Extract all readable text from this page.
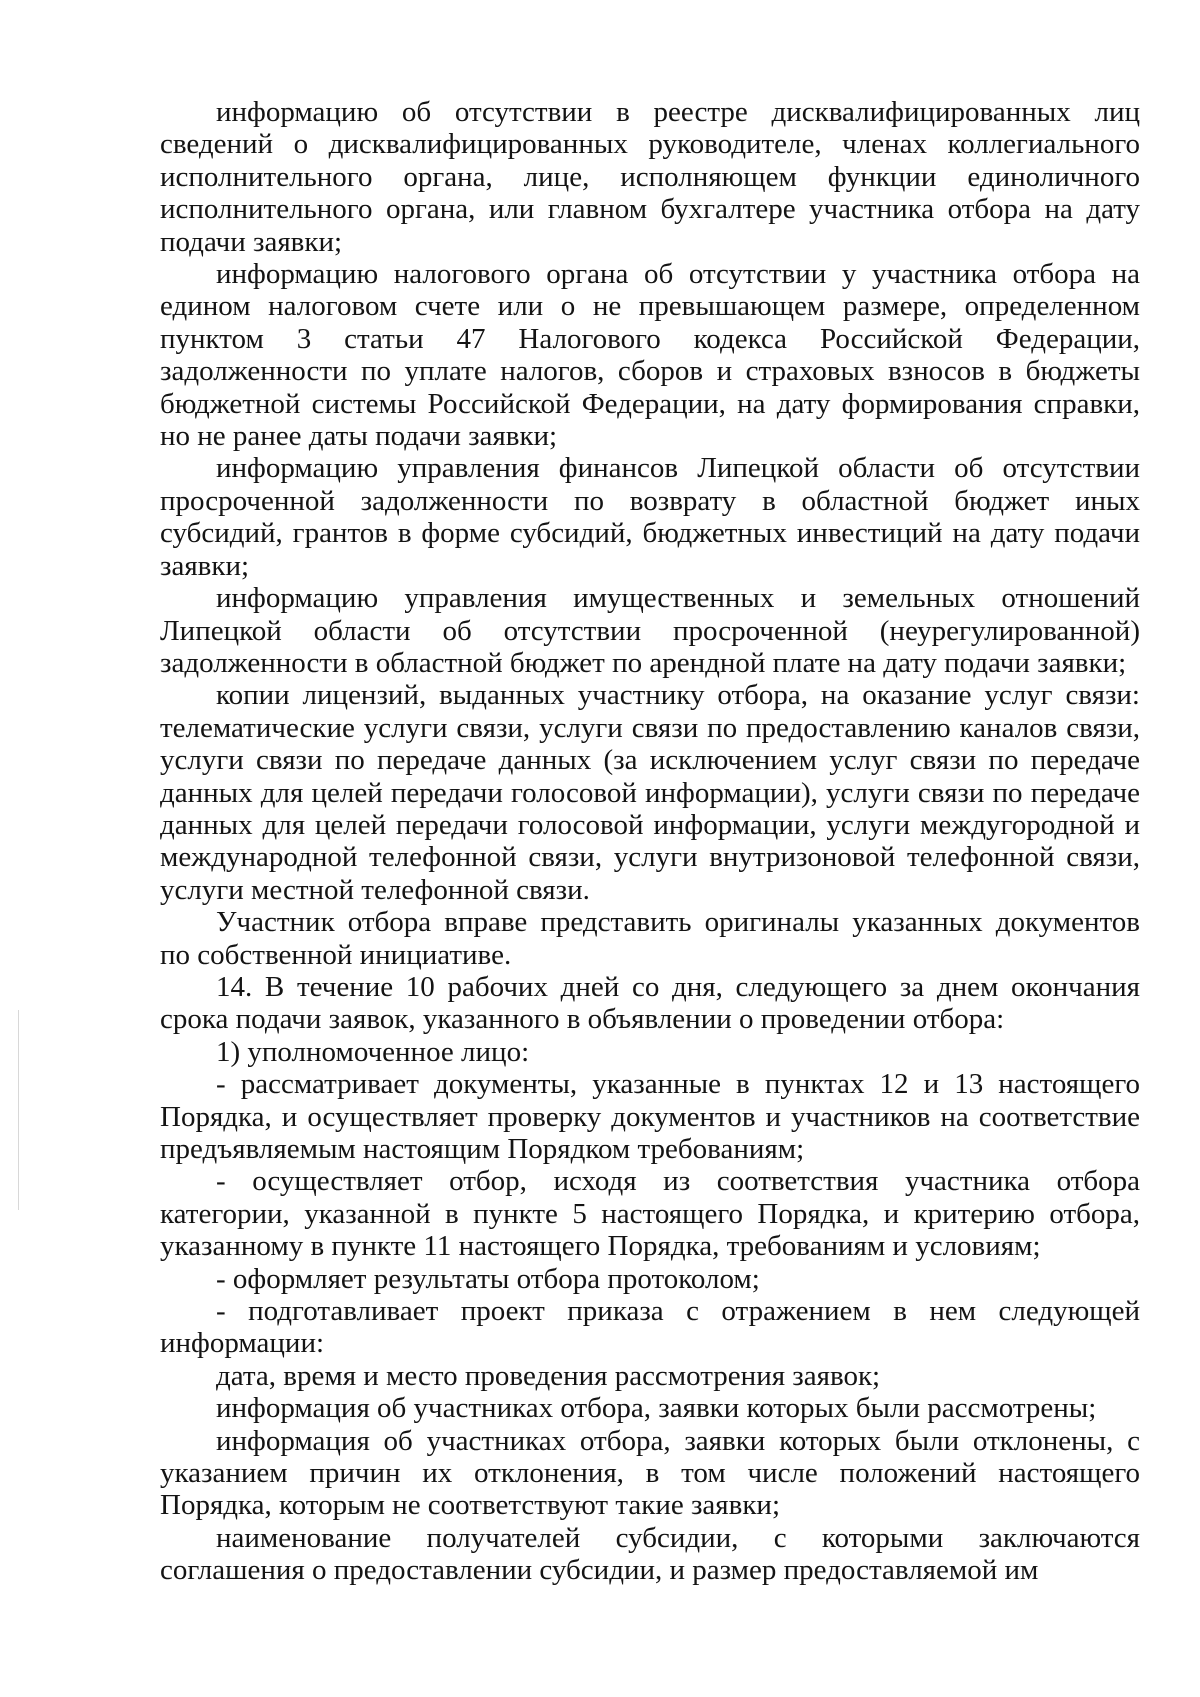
информацию об отсутствии в реестре дисквалифицированных лиц сведений о дисквалифицированных руководителе, членах коллегиального исполнительного органа, лице, исполняющем функции единоличного исполнительного органа, или главном бухгалтере участника отбора на дату подачи заявки;

информацию налогового органа об отсутствии у участника отбора на едином налоговом счете или о не превышающем размере, определенном пунктом 3 статьи 47 Налогового кодекса Российской Федерации, задолженности по уплате налогов, сборов и страховых взносов в бюджеты бюджетной системы Российской Федерации, на дату формирования справки, но не ранее даты подачи заявки;

информацию управления финансов Липецкой области об отсутствии просроченной задолженности по возврату в областной бюджет иных субсидий, грантов в форме субсидий, бюджетных инвестиций на дату подачи заявки;

информацию управления имущественных и земельных отношений Липецкой области об отсутствии просроченной (неурегулированной) задолженности в областной бюджет по арендной плате на дату подачи заявки;

копии лицензий, выданных участнику отбора, на оказание услуг связи: телематические услуги связи, услуги связи по предоставлению каналов связи, услуги связи по передаче данных (за исключением услуг связи по передаче данных для целей передачи голосовой информации), услуги связи по передаче данных для целей передачи голосовой информации, услуги междугородной и международной телефонной связи, услуги внутризоновой телефонной связи, услуги местной телефонной связи.

Участник отбора вправе представить оригиналы указанных документов по собственной инициативе.

14. В течение 10 рабочих дней со дня, следующего за днем окончания срока подачи заявок, указанного в объявлении о проведении отбора:

1) уполномоченное лицо:

- рассматривает документы, указанные в пунктах 12 и 13 настоящего Порядка, и осуществляет проверку документов и участников на соответствие предъявляемым настоящим Порядком требованиям;

- осуществляет отбор, исходя из соответствия участника отбора категории, указанной в пункте 5 настоящего Порядка, и критерию отбора, указанному в пункте 11 настоящего Порядка, требованиям и условиям;

- оформляет результаты отбора протоколом;

- подготавливает проект приказа с отражением в нем следующей информации:

дата, время и место проведения рассмотрения заявок;

информация об участниках отбора, заявки которых были рассмотрены;

информация об участниках отбора, заявки которых были отклонены, с указанием причин их отклонения, в том числе положений настоящего Порядка, которым не соответствуют такие заявки;

наименование получателей субсидии, с которыми заключаются соглашения о предоставлении субсидии, и размер предоставляемой им
